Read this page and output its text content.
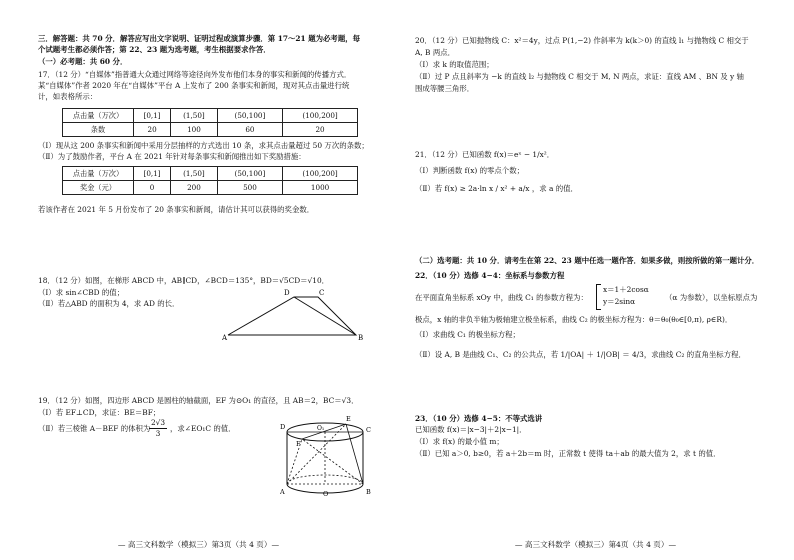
三．解答题：共 70 分．解答应写出文字说明、证明过程或演算步骤．第 17～21 题为必考题，每
个试题考生都必须作答；第 22、23 题为选考题，考生根据要求作答．
（一）必考题：共 60 分．
17．（12 分）“自媒体”指普通大众通过网络等途径向外发布他们本身的事实和新闻的传播方式．
某“自媒体”作者 2020 年在“自媒体”平台 A 上发布了 200 条事实和新闻，现对其点击量进行统
计，如表格所示：
点击量（万次）	[0,1]	(1,50]	(50,100]	(100,200]
条数	20	100	60	20
（Ⅰ）现从这 200 条事实和新闻中采用分层抽样的方式选出 10 条，求其点击量超过 50 万次的条数；
（Ⅱ）为了鼓励作者，平台 A 在 2021 年针对每条事实和新闻推出如下奖励措施：
点击量（万次）	[0,1]	(1,50]	(50,100]	(100,200]
奖金（元）	0	200	500	1000
若该作者在 2021 年 5 月份发布了 20 条事实和新闻，请估计其可以获得的奖金数．
18．（12 分）如图，在梯形 ABCD 中，AB∥CD，∠BCD＝135°，BD＝√5CD＝√10．
（Ⅰ）求 sin∠CBD 的值；
（Ⅱ）若△ABD 的面积为 4，求 AD 的长．
D	C
A	B
19．（12 分）如图，四边形 ABCD 是圆柱的轴截面，EF 为⊙O₁ 的直径，且 AB＝2，BC＝√3．
（Ⅰ）若 EF⊥CD，求证：BE＝BF；
（Ⅱ）若三棱锥 A－BEF 的体积为
2√3
3
，求∠EO₁C 的值．
E
D	C
F
O₁
A	O	B
— 高三文科数学（模拟三）第3页（共 4 页）—
20．（12 分）已知抛物线 C：x²＝4y，过点 P(1,−2) 作斜率为 k(k＞0) 的直线 l₁ 与抛物线 C 相交于
A, B 两点．
（Ⅰ）求 k 的取值范围；
（Ⅱ）过 P 点且斜率为 −k 的直线 l₂ 与抛物线 C 相交于 M, N 两点，求证：直线 AM 、BN 及 y 轴
围成等腰三角形．
21．（12 分）已知函数 f(x)＝eˣ − 1/x²．
（Ⅰ）判断函数 f(x) 的零点个数；
（Ⅱ）若 f(x) ≥ 2a·ln x / x² + a/x ，求 a 的值．
（二）选考题：共 10 分．请考生在第 22、23 题中任选一题作答．如果多做，则按所做的第一题计分．
22．（10 分）选修 4−4：坐标系与参数方程
在平面直角坐标系 xOy 中，曲线 C₁ 的参数方程为：
x＝1＋2cosα
y＝2sinα	（α 为参数），以坐标原点为
极点，x 轴的非负半轴为极轴建立极坐标系，曲线 C₂ 的极坐标方程为：θ＝θ₀(θ₀∈[0,π), ρ∈R)．
（Ⅰ）求曲线 C₁ 的极坐标方程；
（Ⅱ）设 A, B 是曲线 C₁、C₂ 的公共点，若 1/|OA| ＋ 1/|OB| ＝ 4/3，求曲线 C₂ 的直角坐标方程．
23．（10 分）选修 4−5：不等式选讲
已知函数 f(x)＝|x−3|＋2|x−1|．
（Ⅰ）求 f(x) 的最小值 m；
（Ⅱ）已知 a＞0, b≥0，若 a＋2b＝m 时，正常数 t 使得 ta＋ab 的最大值为 2，求 t 的值．
— 高三文科数学（模拟三）第4页（共 4 页）—
